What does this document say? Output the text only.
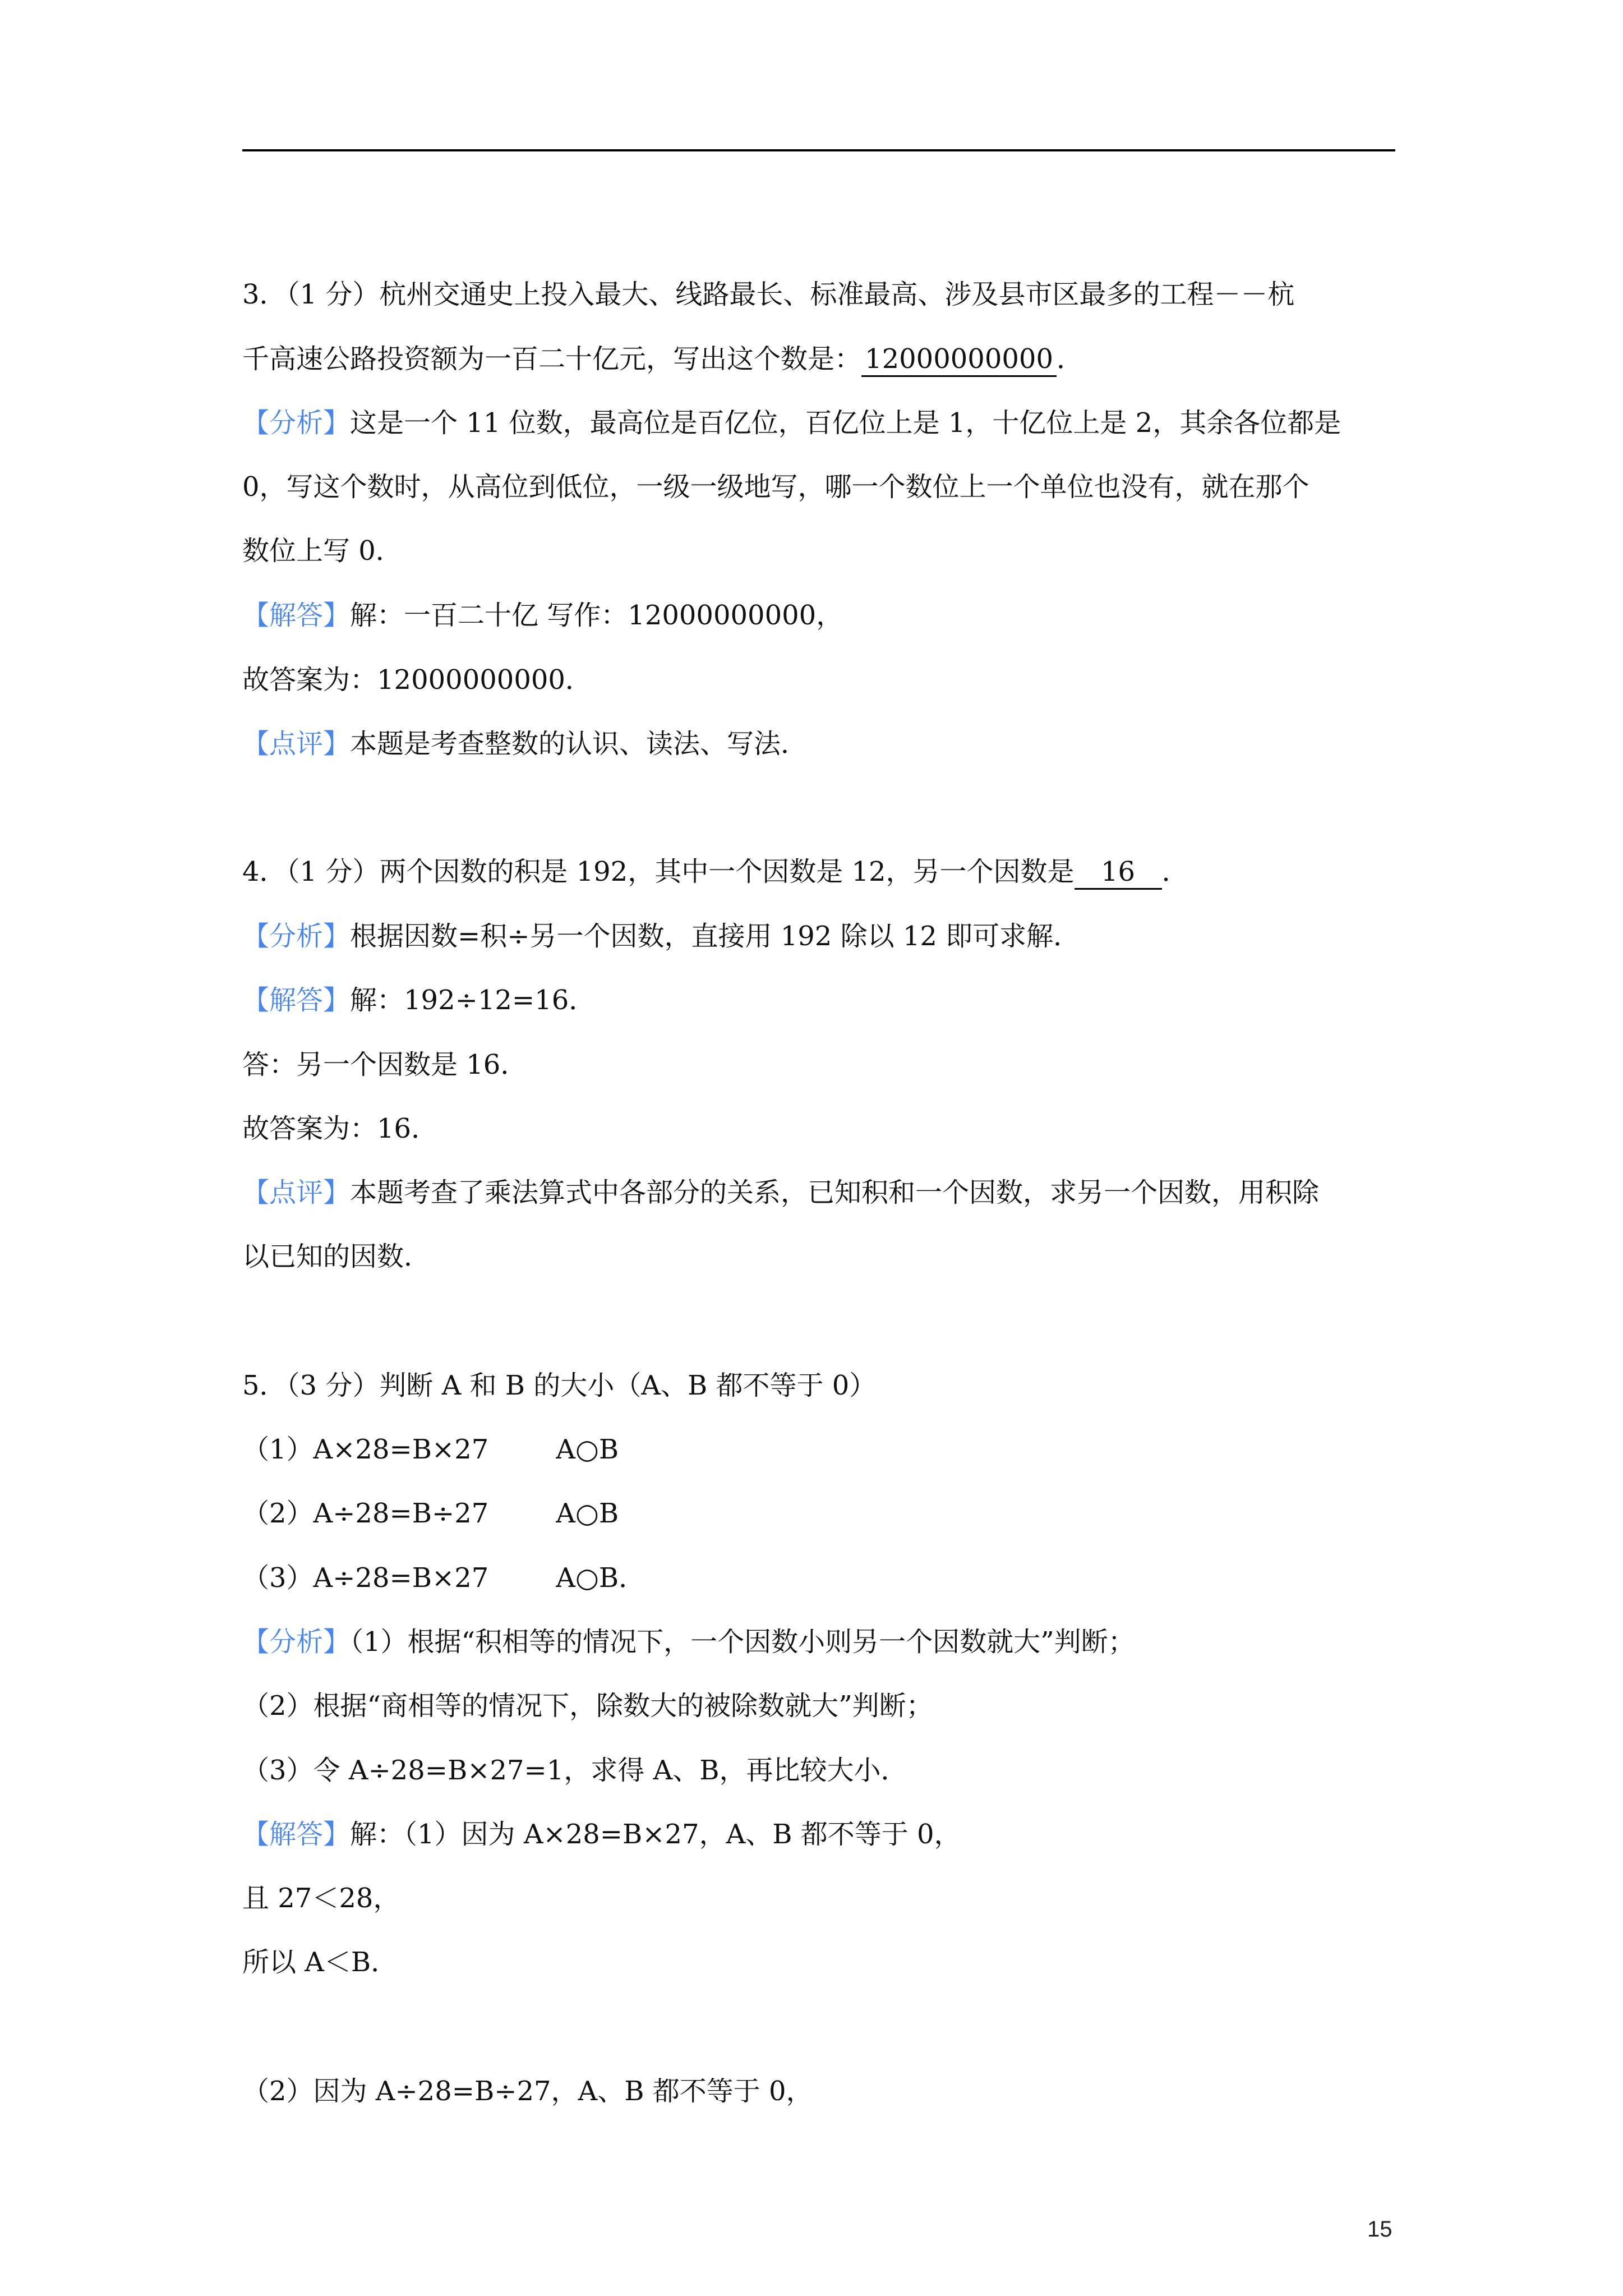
3．（1 分）杭州交通史上投入最大、线路最长、标准最高、涉及县市区最多的工程－－杭
千高速公路投资额为一百二十亿元，写出这个数是： 12000000000 ．
【分析】这是一个 11 位数，最高位是百亿位，百亿位上是 1，十亿位上是 2，其余各位都是
0，写这个数时，从高位到低位，一级一级地写，哪一个数位上一个单位也没有，就在那个
数位上写 0．
【解答】解：一百二十亿 写作：12000000000，
故答案为：12000000000．
【点评】本题是考查整数的认识、读法、写法．
4．（1 分）两个因数的积是 192，其中一个因数是 12，另一个因数是 16 ．
【分析】根据因数=积÷另一个因数，直接用 192 除以 12 即可求解．
【解答】解：192÷12=16．
答：另一个因数是 16．
故答案为：16．
【点评】本题考查了乘法算式中各部分的关系，已知积和一个因数，求另一个因数，用积除
以已知的因数．
5．（3 分）判断 A 和 B 的大小（A、B 都不等于 0）
（1）A×28=B×27	A○B
（2）A÷28=B÷27	A○B
（3）A÷28=B×27	A○B．
【分析】（1）根据“积相等的情况下，一个因数小则另一个因数就大”判断；
（2）根据“商相等的情况下，除数大的被除数就大”判断；
（3）令 A÷28=B×27=1，求得 A、B，再比较大小．
【解答】解：（1）因为 A×28=B×27，A、B 都不等于 0，
且 27＜28，
所以 A＜B．
（2）因为 A÷28=B÷27，A、B 都不等于 0，
15
